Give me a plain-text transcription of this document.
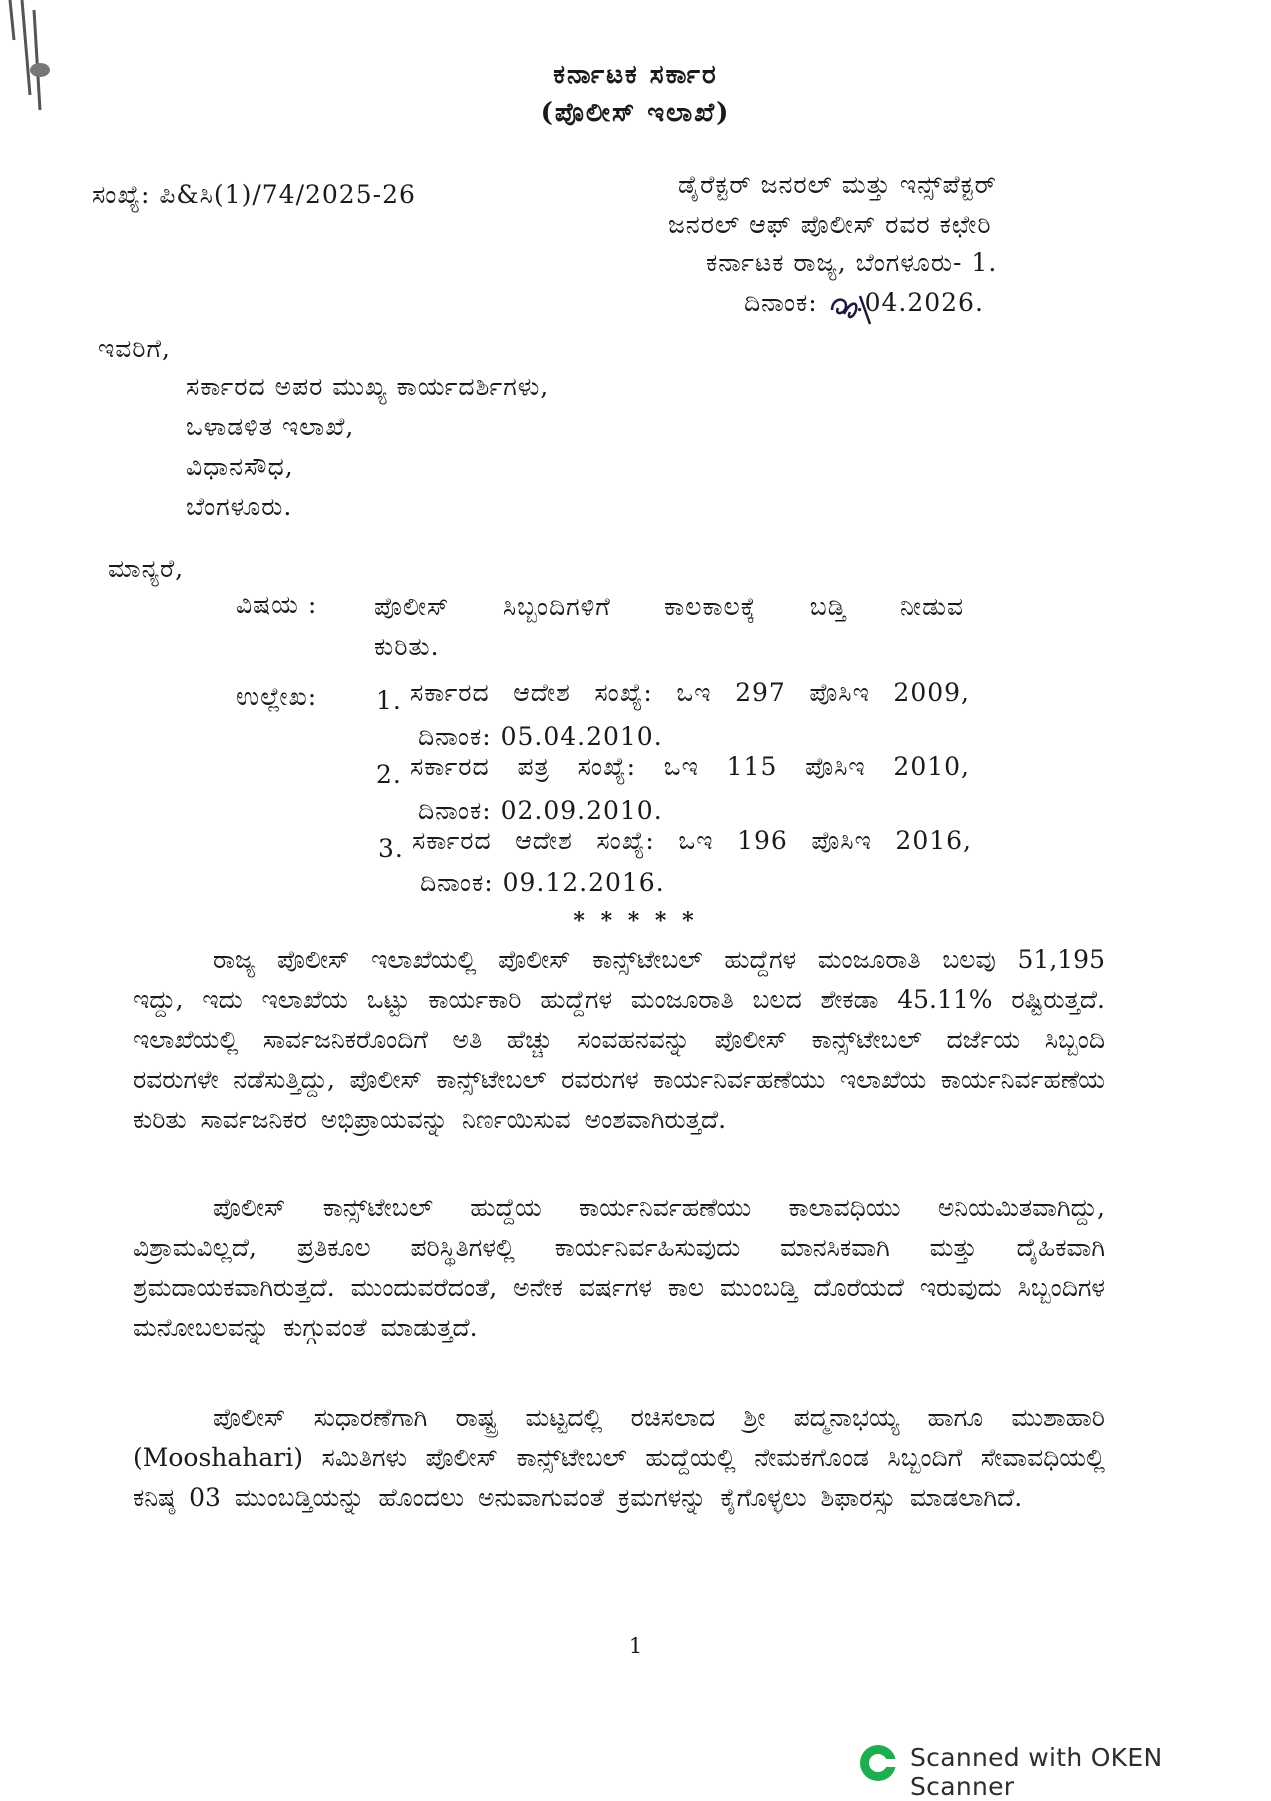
ಕರ್ನಾಟಕ ಸರ್ಕಾರ
(ಪೊಲೀಸ್ ಇಲಾಖೆ)
ಸಂಖ್ಯೆ: ಪಿ&ಸಿ(1)/74/2025-26	ಡೈರೆಕ್ಟರ್ ಜನರಲ್ ಮತ್ತು ಇನ್ಸ್‌ಪೆಕ್ಟರ್
ಜನರಲ್ ಆಫ್ ಪೊಲೀಸ್ ರವರ ಕಛೇರಿ
ಕರ್ನಾಟಕ ರಾಜ್ಯ, ಬೆಂಗಳೂರು- 1.
ದಿನಾಂಕ: .04.2026.
ಇವರಿಗೆ,
ಸರ್ಕಾರದ ಅಪರ ಮುಖ್ಯ ಕಾರ್ಯದರ್ಶಿಗಳು,
ಒಳಾಡಳಿತ ಇಲಾಖೆ,
ವಿಧಾನಸೌಧ,
ಬೆಂಗಳೂರು.
ಮಾನ್ಯರೆ,
ವಿಷಯ : ಪೊಲೀಸ್ ಸಿಬ್ಬಂದಿಗಳಿಗೆ ಕಾಲಕಾಲಕ್ಕೆ ಬಡ್ತಿ ನೀಡುವ
ಕುರಿತು.
ಉಲ್ಲೇಖ: 1. ಸರ್ಕಾರದ ಆದೇಶ ಸಂಖ್ಯೆ: ಒಇ 297 ಪೊಸಿಇ 2009,
ದಿನಾಂಕ: 05.04.2010.
2. ಸರ್ಕಾರದ ಪತ್ರ ಸಂಖ್ಯೆ: ಒಇ 115 ಪೊಸಿಇ 2010,
ದಿನಾಂಕ: 02.09.2010.
3. ಸರ್ಕಾರದ ಆದೇಶ ಸಂಖ್ಯೆ: ಒಇ 196 ಪೊಸಿಇ 2016,
ದಿನಾಂಕ: 09.12.2016.
* * * * *
ರಾಜ್ಯ ಪೊಲೀಸ್ ಇಲಾಖೆಯಲ್ಲಿ ಪೊಲೀಸ್ ಕಾನ್ಸ್‌ಟೇಬಲ್ ಹುದ್ದೆಗಳ ಮಂಜೂರಾತಿ ಬಲವು 51,195 ಇದ್ದು, ಇದು ಇಲಾಖೆಯ ಒಟ್ಟು ಕಾರ್ಯಕಾರಿ ಹುದ್ದೆಗಳ ಮಂಜೂರಾತಿ ಬಲದ ಶೇಕಡಾ 45.11% ರಷ್ಟಿರುತ್ತದೆ. ಇಲಾಖೆಯಲ್ಲಿ ಸಾರ್ವಜನಿಕರೊಂದಿಗೆ ಅತಿ ಹೆಚ್ಚು ಸಂವಹನವನ್ನು ಪೊಲೀಸ್ ಕಾನ್ಸ್‌ಟೇಬಲ್ ದರ್ಜೆಯ ಸಿಬ್ಬಂದಿ ರವರುಗಳೇ ನಡೆಸುತ್ತಿದ್ದು, ಪೊಲೀಸ್ ಕಾನ್ಸ್‌ಟೇಬಲ್ ರವರುಗಳ ಕಾರ್ಯನಿರ್ವಹಣೆಯು ಇಲಾಖೆಯ ಕಾರ್ಯನಿರ್ವಹಣೆಯ ಕುರಿತು ಸಾರ್ವಜನಿಕರ ಅಭಿಪ್ರಾಯವನ್ನು ನಿರ್ಣಯಿಸುವ ಅಂಶವಾಗಿರುತ್ತದೆ.
ಪೊಲೀಸ್ ಕಾನ್ಸ್‌ಟೇಬಲ್ ಹುದ್ದೆಯ ಕಾರ್ಯನಿರ್ವಹಣೆಯು ಕಾಲಾವಧಿಯು ಅನಿಯಮಿತವಾಗಿದ್ದು, ವಿಶ್ರಾಮವಿಲ್ಲದೆ, ಪ್ರತಿಕೂಲ ಪರಿಸ್ಥಿತಿಗಳಲ್ಲಿ ಕಾರ್ಯನಿರ್ವಹಿಸುವುದು ಮಾನಸಿಕವಾಗಿ ಮತ್ತು ದೈಹಿಕವಾಗಿ ಶ್ರಮದಾಯಕವಾಗಿರುತ್ತದೆ. ಮುಂದುವರೆದಂತೆ, ಅನೇಕ ವರ್ಷಗಳ ಕಾಲ ಮುಂಬಡ್ತಿ ದೊರೆಯದೆ ಇರುವುದು ಸಿಬ್ಬಂದಿಗಳ ಮನೋಬಲವನ್ನು ಕುಗ್ಗುವಂತೆ ಮಾಡುತ್ತದೆ.
ಪೊಲೀಸ್ ಸುಧಾರಣೆಗಾಗಿ ರಾಷ್ಟ್ರ ಮಟ್ಟದಲ್ಲಿ ರಚಿಸಲಾದ ಶ್ರೀ ಪದ್ಮನಾಭಯ್ಯ ಹಾಗೂ ಮುಶಾಹಾರಿ (Mooshahari) ಸಮಿತಿಗಳು ಪೊಲೀಸ್ ಕಾನ್ಸ್‌ಟೇಬಲ್ ಹುದ್ದೆಯಲ್ಲಿ ನೇಮಕಗೊಂಡ ಸಿಬ್ಬಂದಿಗೆ ಸೇವಾವಧಿಯಲ್ಲಿ ಕನಿಷ್ಠ 03 ಮುಂಬಡ್ತಿಯನ್ನು ಹೊಂದಲು ಅನುವಾಗುವಂತೆ ಕ್ರಮಗಳನ್ನು ಕೈಗೊಳ್ಳಲು ಶಿಫಾರಸ್ಸು ಮಾಡಲಾಗಿದೆ.
1
Scanned with OKEN Scanner
